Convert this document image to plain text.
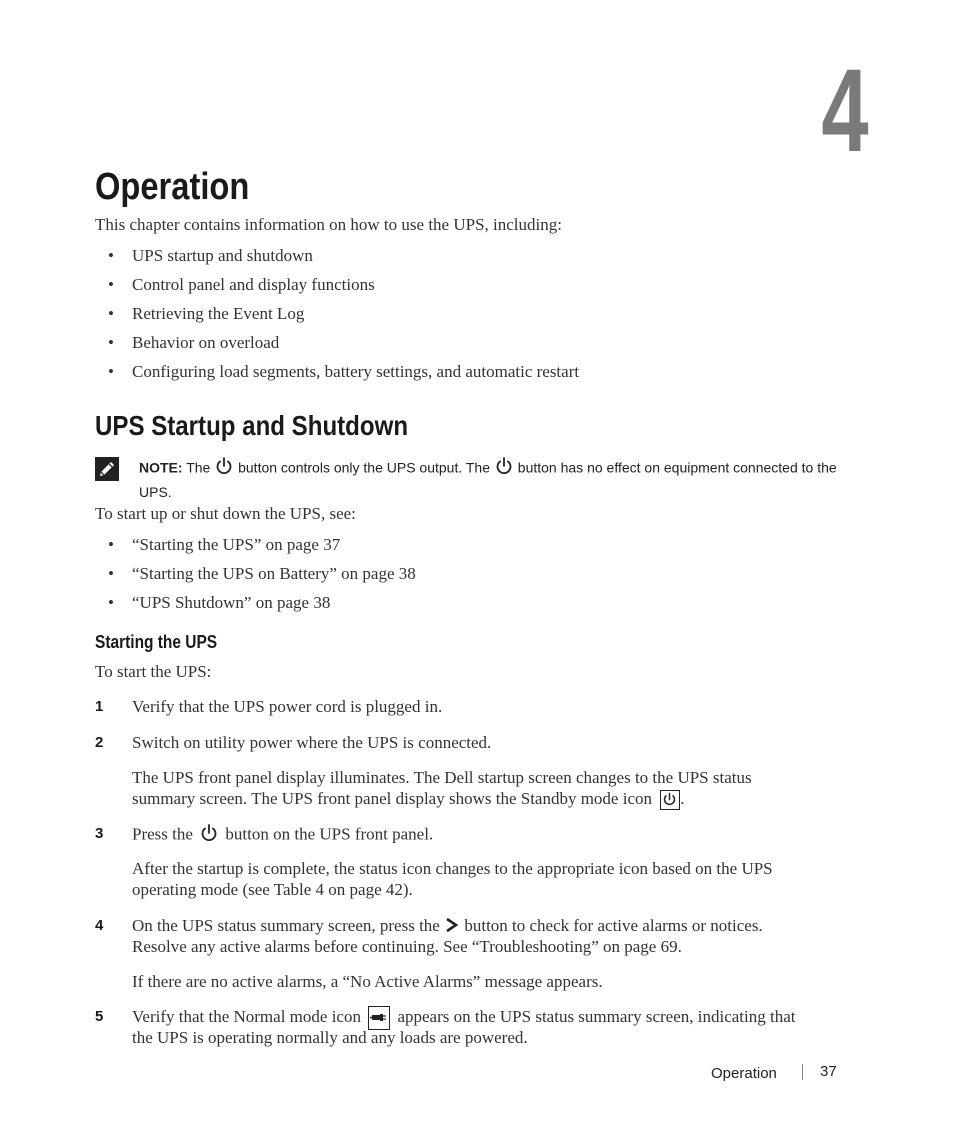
4
Operation
This chapter contains information on how to use the UPS, including:
• UPS startup and shutdown
• Control panel and display functions
• Retrieving the Event Log
• Behavior on overload
• Configuring load segments, battery settings, and automatic restart
UPS Startup and Shutdown
NOTE: The button controls only the UPS output. The button has no effect on equipment connected to the UPS.
To start up or shut down the UPS, see:
• “Starting the UPS” on page 37
• “Starting the UPS on Battery” on page 38
• “UPS Shutdown” on page 38
Starting the UPS
To start the UPS:
1 Verify that the UPS power cord is plugged in.
2 Switch on utility power where the UPS is connected.
The UPS front panel display illuminates. The Dell startup screen changes to the UPS status
summary screen. The UPS front panel display shows the Standby mode icon .
3 Press the button on the UPS front panel.
After the startup is complete, the status icon changes to the appropriate icon based on the UPS
operating mode (see Table 4 on page 42).
4 On the UPS status summary screen, press the button to check for active alarms or notices.
Resolve any active alarms before continuing. See “Troubleshooting” on page 69.
If there are no active alarms, a “No Active Alarms” message appears.
5 Verify that the Normal mode icon appears on the UPS status summary screen, indicating that
the UPS is operating normally and any loads are powered.
Operation	37
